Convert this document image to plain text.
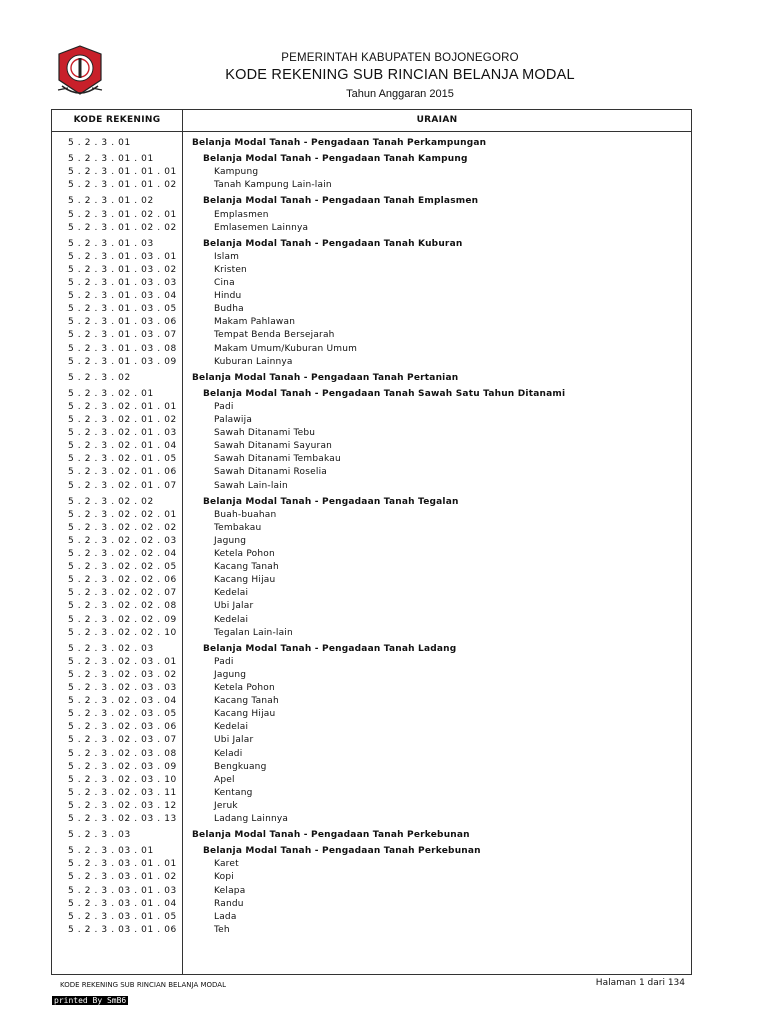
PEMERINTAH KABUPATEN BOJONEGORO
KODE REKENING SUB RINCIAN BELANJA MODAL
Tahun Anggaran 2015
KODE REKENING	URAIAN
5 . 2 . 3 . 01	Belanja Modal Tanah - Pengadaan Tanah Perkampungan
5 . 2 . 3 . 01 . 01	Belanja Modal Tanah - Pengadaan Tanah Kampung
5 . 2 . 3 . 01 . 01 . 01	Kampung
5 . 2 . 3 . 01 . 01 . 02	Tanah Kampung Lain-lain
5 . 2 . 3 . 01 . 02	Belanja Modal Tanah - Pengadaan Tanah Emplasmen
5 . 2 . 3 . 01 . 02 . 01	Emplasmen
5 . 2 . 3 . 01 . 02 . 02	Emlasemen Lainnya
5 . 2 . 3 . 01 . 03	Belanja Modal Tanah - Pengadaan Tanah Kuburan
5 . 2 . 3 . 01 . 03 . 01	Islam
5 . 2 . 3 . 01 . 03 . 02	Kristen
5 . 2 . 3 . 01 . 03 . 03	Cina
5 . 2 . 3 . 01 . 03 . 04	Hindu
5 . 2 . 3 . 01 . 03 . 05	Budha
5 . 2 . 3 . 01 . 03 . 06	Makam Pahlawan
5 . 2 . 3 . 01 . 03 . 07	Tempat Benda Bersejarah
5 . 2 . 3 . 01 . 03 . 08	Makam Umum/Kuburan Umum
5 . 2 . 3 . 01 . 03 . 09	Kuburan Lainnya
5 . 2 . 3 . 02	Belanja Modal Tanah - Pengadaan Tanah Pertanian
5 . 2 . 3 . 02 . 01	Belanja Modal Tanah - Pengadaan Tanah Sawah Satu Tahun Ditanami
5 . 2 . 3 . 02 . 01 . 01	Padi
5 . 2 . 3 . 02 . 01 . 02	Palawija
5 . 2 . 3 . 02 . 01 . 03	Sawah Ditanami Tebu
5 . 2 . 3 . 02 . 01 . 04	Sawah Ditanami Sayuran
5 . 2 . 3 . 02 . 01 . 05	Sawah Ditanami Tembakau
5 . 2 . 3 . 02 . 01 . 06	Sawah Ditanami Roselia
5 . 2 . 3 . 02 . 01 . 07	Sawah Lain-lain
5 . 2 . 3 . 02 . 02	Belanja Modal Tanah - Pengadaan Tanah Tegalan
5 . 2 . 3 . 02 . 02 . 01	Buah-buahan
5 . 2 . 3 . 02 . 02 . 02	Tembakau
5 . 2 . 3 . 02 . 02 . 03	Jagung
5 . 2 . 3 . 02 . 02 . 04	Ketela Pohon
5 . 2 . 3 . 02 . 02 . 05	Kacang Tanah
5 . 2 . 3 . 02 . 02 . 06	Kacang Hijau
5 . 2 . 3 . 02 . 02 . 07	Kedelai
5 . 2 . 3 . 02 . 02 . 08	Ubi Jalar
5 . 2 . 3 . 02 . 02 . 09	Kedelai
5 . 2 . 3 . 02 . 02 . 10	Tegalan Lain-lain
5 . 2 . 3 . 02 . 03	Belanja Modal Tanah - Pengadaan Tanah Ladang
5 . 2 . 3 . 02 . 03 . 01	Padi
5 . 2 . 3 . 02 . 03 . 02	Jagung
5 . 2 . 3 . 02 . 03 . 03	Ketela Pohon
5 . 2 . 3 . 02 . 03 . 04	Kacang Tanah
5 . 2 . 3 . 02 . 03 . 05	Kacang Hijau
5 . 2 . 3 . 02 . 03 . 06	Kedelai
5 . 2 . 3 . 02 . 03 . 07	Ubi Jalar
5 . 2 . 3 . 02 . 03 . 08	Keladi
5 . 2 . 3 . 02 . 03 . 09	Bengkuang
5 . 2 . 3 . 02 . 03 . 10	Apel
5 . 2 . 3 . 02 . 03 . 11	Kentang
5 . 2 . 3 . 02 . 03 . 12	Jeruk
5 . 2 . 3 . 02 . 03 . 13	Ladang Lainnya
5 . 2 . 3 . 03	Belanja Modal Tanah - Pengadaan Tanah Perkebunan
5 . 2 . 3 . 03 . 01	Belanja Modal Tanah - Pengadaan Tanah Perkebunan
5 . 2 . 3 . 03 . 01 . 01	Karet
5 . 2 . 3 . 03 . 01 . 02	Kopi
5 . 2 . 3 . 03 . 01 . 03	Kelapa
5 . 2 . 3 . 03 . 01 . 04	Randu
5 . 2 . 3 . 03 . 01 . 05	Lada
5 . 2 . 3 . 03 . 01 . 06	Teh
KODE REKENING SUB RINCIAN BELANJA MODAL	Halaman 1 dari 134
printed By SmB6
